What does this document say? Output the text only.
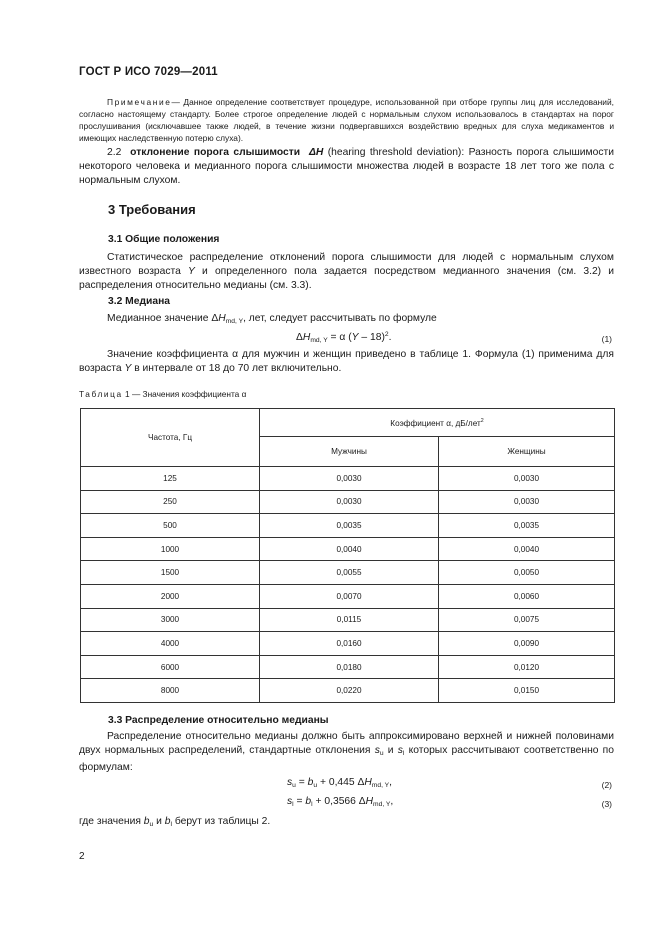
ГОСТ Р ИСО 7029—2011
Примечание— Данное определение соответствует процедуре, использованной при отборе группы лиц для исследований, согласно настоящему стандарту. Более строгое определение людей с нормальным слухом использовалось в стандартах на порог прослушивания (исключавшее также людей, в течение жизни подвергавшихся воздействию вредных для слуха медикаментов и имеющих наследственную потерю слуха).
2.2 отклонение порога слышимости ΔH (hearing threshold deviation): Разность порога слышимости некоторого человека и медианного порога слышимости множества людей в возрасте 18 лет того же пола с нормальным слухом.
3 Требования
3.1 Общие положения
Статистическое распределение отклонений порога слышимости для людей с нормальным слухом известного возраста Y и определенного пола задается посредством медианного значения (см. 3.2) и распределения относительно медианы (см. 3.3).
3.2 Медиана
Медианное значение $\Delta H_{md, Y}$, лет, следует рассчитывать по формуле
$\Delta H_{md, Y} = \alpha$ (Y – 18)$^2$.	(1)
Значение коэффициента α для мужчин и женщин приведено в таблице 1. Формула (1) применима для возраста Y в интервале от 18 до 70 лет включительно.
Таблица 1 — Значения коэффициента α
Частота, Гц	Коэффициент α, дБ/лет$^2$
	Мужчины	Женщины
125	0,0030	0,0030
250	0,0030	0,0030
500	0,0035	0,0035
1000	0,0040	0,0040
1500	0,0055	0,0050
2000	0,0070	0,0060
3000	0,0115	0,0075
4000	0,0160	0,0090
6000	0,0180	0,0120
8000	0,0220	0,0150
3.3 Распределение относительно медианы
Распределение относительно медианы должно быть аппроксимировано верхней и нижней половинами двух нормальных распределений, стандартные отклонения $s_u$ и $s_l$ которых рассчитывают соответственно по формулам:
$s_u = b_u + 0,445$ $\Delta H_{md, Y}$,	(2)
$s_l = b_l + 0,3566$ $\Delta H_{md, Y}$,	(3)
где значения $b_u$ и $b_l$ берут из таблицы 2.
2
